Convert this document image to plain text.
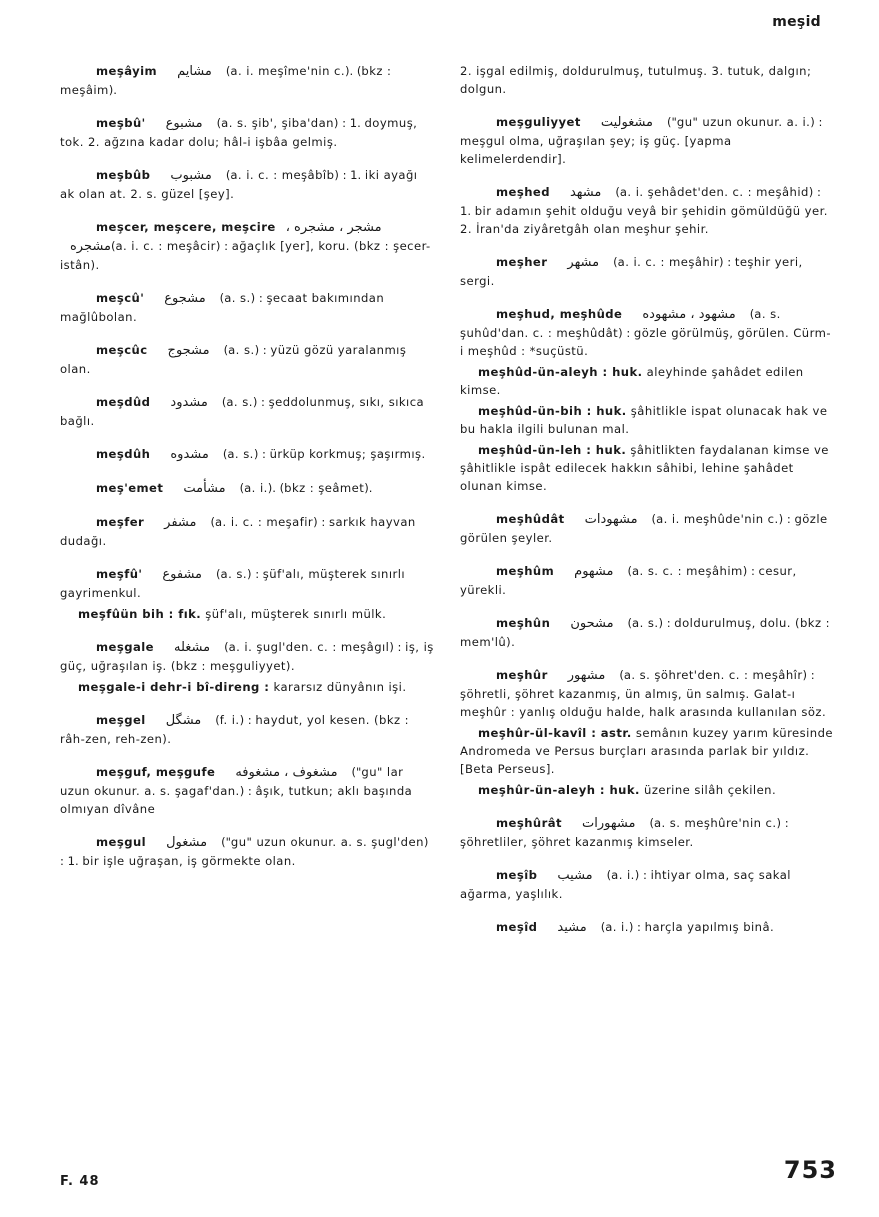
meşid
meşâyim مشايم (a. i. meşîme'nin c.). (bkz : meşâim).
meşbû' مشبوع (a. s. şib', şiba'dan) : 1. doymuş, tok. 2. ağzına kadar dolu; hâl-i işbâa gelmiş.
meşbûb مشبوب (a. i. c. : meşâbîb) : 1. iki ayağı ak olan at. 2. s. güzel [şey].
meşcer, meşcere, meşcire مشجر ، مشجره ، مشجره(a. i. c. : meşâcir) : ağaçlık [yer], koru. (bkz : şecer-istân).
meşcû' مشجوع (a. s.) : şecaat bakımından mağlûbolan.
meşcûc مشجوج (a. s.) : yüzü gözü yaralanmış olan.
meşdûd مشدود (a. s.) : şeddolunmuş, sıkı, sıkıca bağlı.
meşdûh مشدوه (a. s.) : ürküp korkmuş; şaşırmış.
meş'emet مشأمت (a. i.). (bkz : şeâmet).
meşfer مشفر (a. i. c. : meşafir) : sarkık hayvan dudağı.
meşfû' مشفوع (a. s.) : şüf'alı, müşterek sınırlı gayrimenkul.
meşfûün bih : fık. şüf'alı, müşterek sınırlı mülk.
meşgale مشغله (a. i. şugl'den. c. : meşâgıl) : iş, iş güç, uğraşılan iş. (bkz : meşguliyyet).
meşgale-i dehr-i bî-direng : kararsız dünyânın işi.
meşgel مشگل (f. i.) : haydut, yol kesen. (bkz : râh-zen, reh-zen).
meşguf, meşgufe مشغوف ، مشغوفه ("gu" lar uzun okunur. a. s. şagaf'dan.) : âşık, tutkun; aklı başında olmıyan dîvâne
meşgul مشغول ("gu" uzun okunur. a. s. şugl'den) : 1. bir işle uğraşan, iş görmekte olan.
2. işgal edilmiş, doldurulmuş, tutulmuş. 3. tutuk, dalgın; dolgun.
meşguliyyet مشغوليت ("gu" uzun okunur. a. i.) : meşgul olma, uğraşılan şey; iş güç. [yapma kelimelerdendir].
meşhed مشهد (a. i. şehâdet'den. c. : meşâhid) : 1. bir adamın şehit olduğu veyâ bir şehidin gömüldüğü yer. 2. İran'da ziyâretgâh olan meşhur şehir.
meşher مشهر (a. i. c. : meşâhir) : teşhir yeri, sergi.
meşhud, meşhûde مشهود ، مشهوده (a. s. şuhûd'dan. c. : meşhûdât) : gözle görülmüş, görülen. Cürm-i meşhûd : *suçüstü.
meşhûd-ün-aleyh : huk. aleyhinde şahâdet edilen kimse.
meşhûd-ün-bih : huk. şâhitlikle ispat olunacak hak ve bu hakla ilgili bulunan mal.
meşhûd-ün-leh : huk. şâhitlikten faydalanan kimse ve şâhitlikle ispât edilecek hakkın sâhibi, lehine şahâdet olunan kimse.
meşhûdât مشهودات (a. i. meşhûde'nin c.) : gözle görülen şeyler.
meşhûm مشهوم (a. s. c. : meşâhim) : cesur, yürekli.
meşhûn مشحون (a. s.) : doldurulmuş, dolu. (bkz : mem'lû).
meşhûr مشهور (a. s. şöhret'den. c. : meşâhîr) : şöhretli, şöhret kazanmış, ün almış, ün salmış. Galat-ı meşhûr : yanlış olduğu halde, halk arasında kullanılan söz.
meşhûr-ül-kavîl : astr. semânın kuzey yarım küresinde Andromeda ve Persus burçları arasında parlak bir yıldız. [Beta Perseus].
meşhûr-ün-aleyh : huk. üzerine silâh çekilen.
meşhûrât مشهورات (a. s. meşhûre'nin c.) : şöhretliler, şöhret kazanmış kimseler.
meşîb مشيب (a. i.) : ihtiyar olma, saç sakal ağarma, yaşlılık.
meşîd مشيد (a. i.) : harçla yapılmış binâ.
F. 48	753
